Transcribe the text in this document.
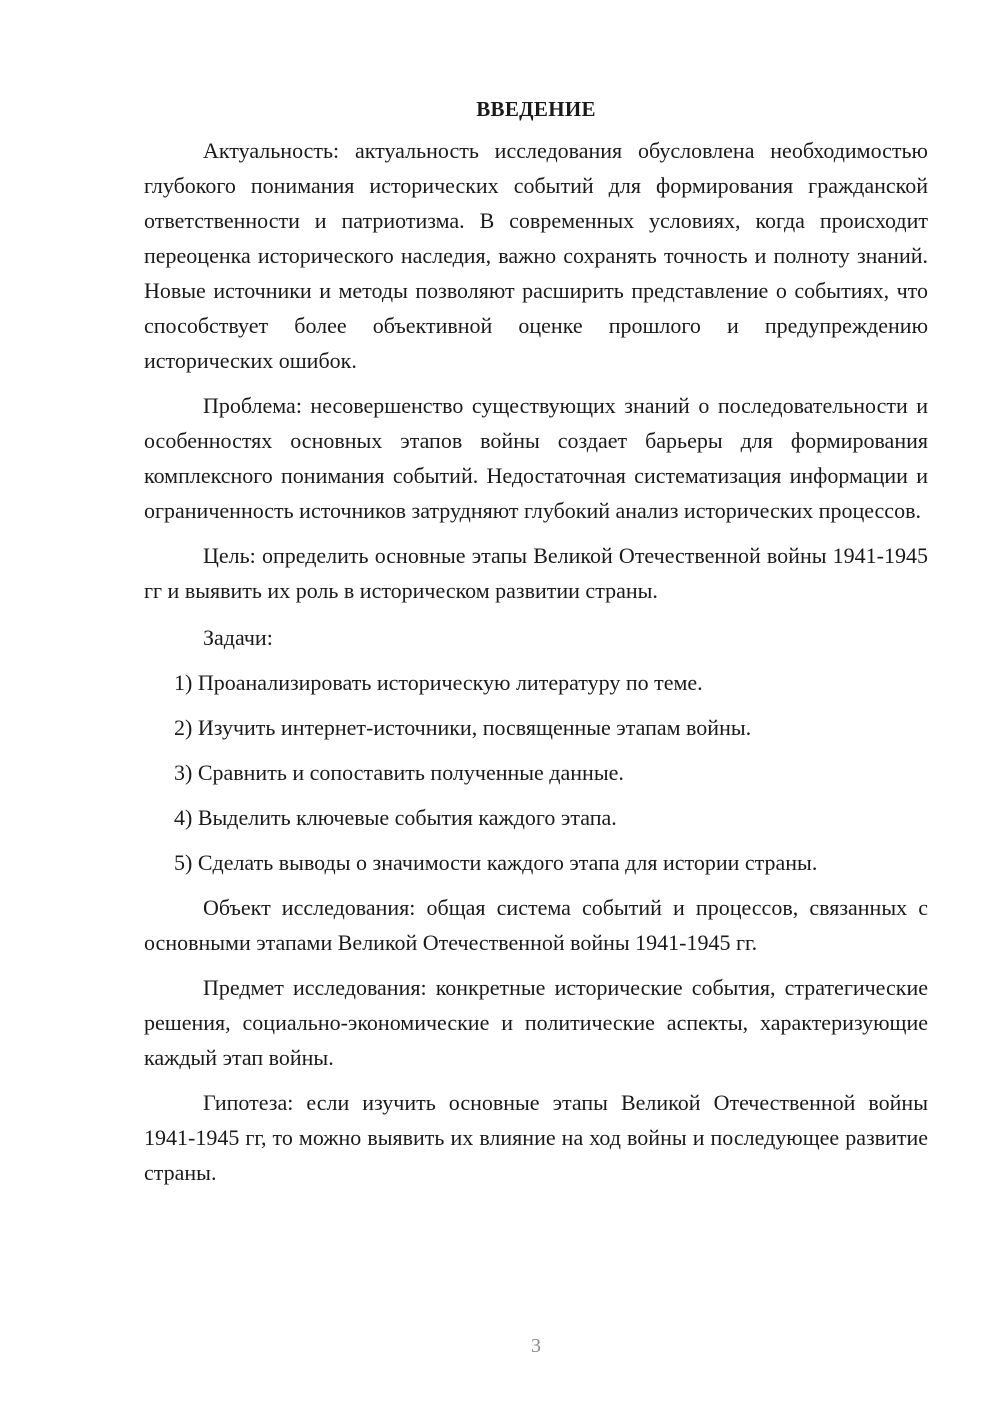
ВВЕДЕНИЕ

Актуальность: актуальность исследования обусловлена необходимостью глубокого понимания исторических событий для формирования гражданской ответственности и патриотизма. В современных условиях, когда происходит переоценка исторического наследия, важно сохранять точность и полноту знаний. Новые источники и методы позволяют расширить представление о событиях, что способствует более объективной оценке прошлого и предупреждению исторических ошибок.

Проблема: несовершенство существующих знаний о последовательности и особенностях основных этапов войны создает барьеры для формирования комплексного понимания событий. Недостаточная систематизация информации и ограниченность источников затрудняют глубокий анализ исторических процессов.

Цель: определить основные этапы Великой Отечественной войны 1941-1945 гг и выявить их роль в историческом развитии страны.

Задачи:

1) Проанализировать историческую литературу по теме.
2) Изучить интернет-источники, посвященные этапам войны.
3) Сравнить и сопоставить полученные данные.
4) Выделить ключевые события каждого этапа.
5) Сделать выводы о значимости каждого этапа для истории страны.

Объект исследования: общая система событий и процессов, связанных с основными этапами Великой Отечественной войны 1941-1945 гг.

Предмет исследования: конкретные исторические события, стратегические решения, социально-экономические и политические аспекты, характеризующие каждый этап войны.

Гипотеза: если изучить основные этапы Великой Отечественной войны 1941-1945 гг, то можно выявить их влияние на ход войны и последующее развитие страны.

3
